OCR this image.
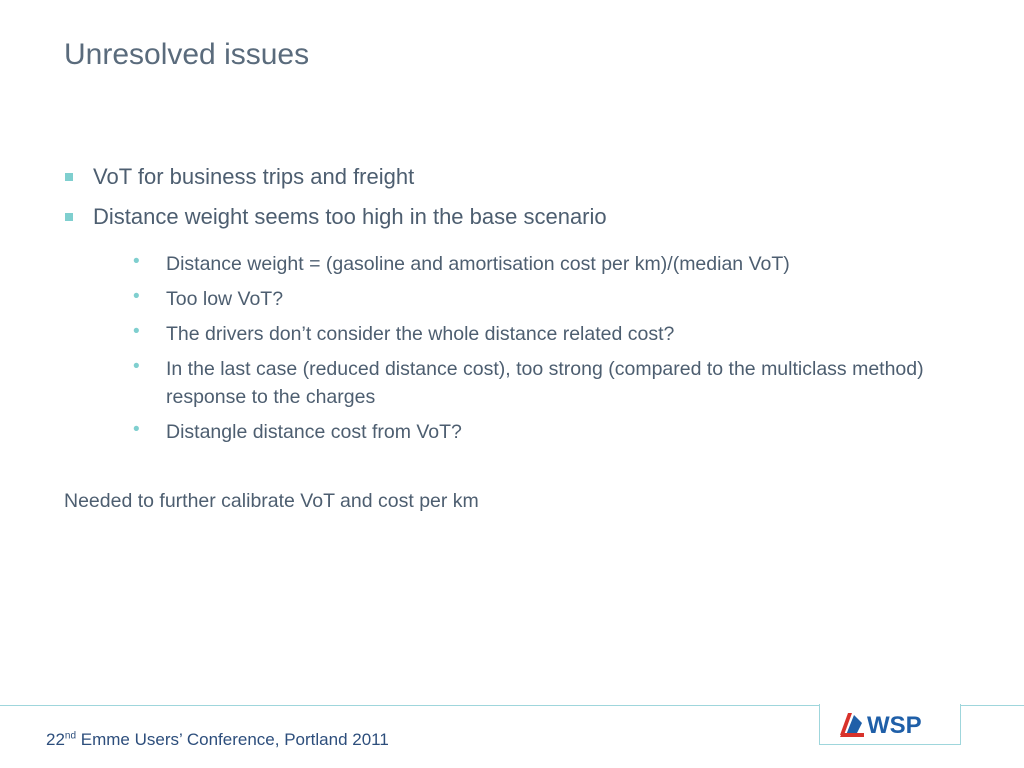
Unresolved issues
VoT for business trips and freight
Distance weight seems too high in the base scenario
• Distance weight = (gasoline and amortisation cost per km)/(median VoT)
• Too low VoT?
• The drivers don’t consider the whole distance related cost?
• In the last case (reduced distance cost), too strong (compared to the multiclass method) response to the charges
• Distangle distance cost from VoT?
Needed to further calibrate VoT and cost per km
WSP
22nd Emme Users’ Conference, Portland 2011
